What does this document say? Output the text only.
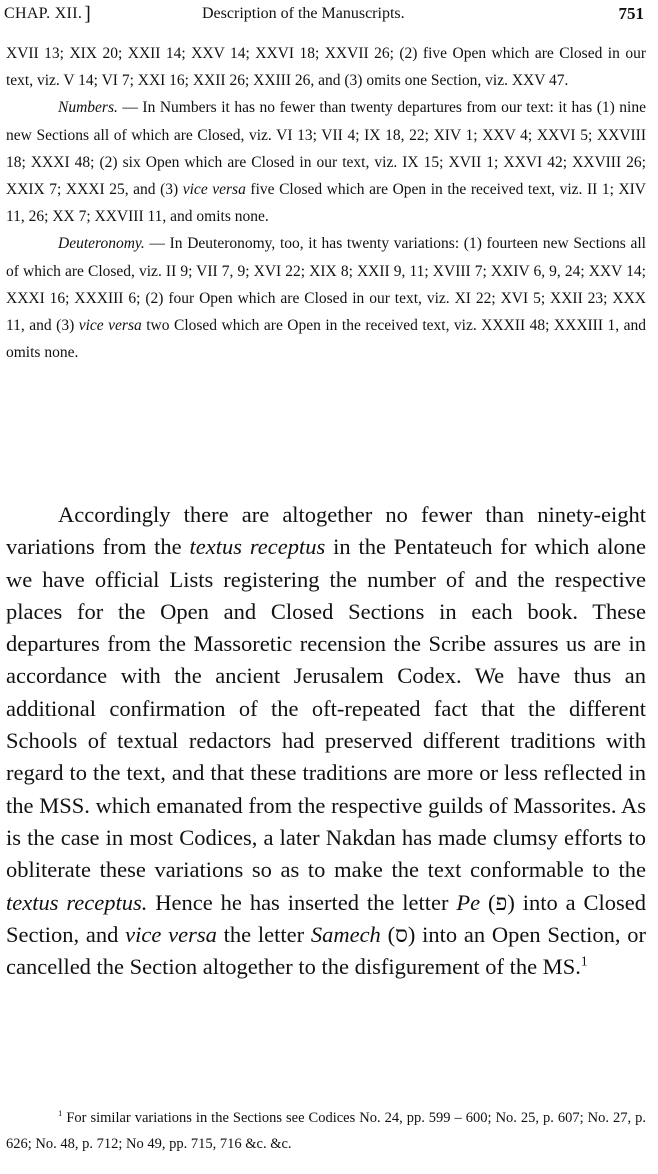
CHAP. XII. ]	Description of the Manuscripts.	751

XVII 13; XIX 20; XXII 14; XXV 14; XXVI 18; XXVII 26; (2) five Open which are Closed in our text, viz. V 14; VI 7; XXI 16; XXII 26; XXIII 26, and (3) omits one Section, viz. XXV 47.

Numbers. — In Numbers it has no fewer than twenty departures from our text: it has (1) nine new Sections all of which are Closed, viz. VI 13; VII 4; IX 18, 22; XIV 1; XXV 4; XXVI 5; XXVIII 18; XXXI 48; (2) six Open which are Closed in our text, viz. IX 15; XVII 1; XXVI 42; XXVIII 26; XXIX 7; XXXI 25, and (3) vice versa five Closed which are Open in the received text, viz. II 1; XIV 11, 26; XX 7; XXVIII 11, and omits none.

Deuteronomy. — In Deuteronomy, too, it has twenty variations: (1) fourteen new Sections all of which are Closed, viz. II 9; VII 7, 9; XVI 22; XIX 8; XXII 9, 11; XVIII 7; XXIV 6, 9, 24; XXV 14; XXXI 16; XXXIII 6; (2) four Open which are Closed in our text, viz. XI 22; XVI 5; XXII 23; XXX 11, and (3) vice versa two Closed which are Open in the received text, viz. XXXII 48; XXXIII 1, and omits none.

Accordingly there are altogether no fewer than ninety-eight variations from the textus receptus in the Pentateuch for which alone we have official Lists registering the number of and the respective places for the Open and Closed Sections in each book. These departures from the Massoretic recension the Scribe assures us are in accordance with the ancient Jerusalem Codex. We have thus an additional confirmation of the oft-repeated fact that the different Schools of textual redactors had preserved different traditions with regard to the text, and that these traditions are more or less reflected in the MSS. which emanated from the respective guilds of Massorites. As is the case in most Codices, a later Nakdan has made clumsy efforts to obliterate these variations so as to make the text conformable to the textus receptus. Hence he has inserted the letter Pe (פ) into a Closed Section, and vice versa the letter Samech (ס) into an Open Section, or cancelled the Section altogether to the disfigurement of the MS.$^1$

$^1$ For similar variations in the Sections see Codices No. 24, pp. 599 – 600; No. 25, p. 607; No. 27, p. 626; No. 48, p. 712; No 49, pp. 715, 716 &c. &c.
